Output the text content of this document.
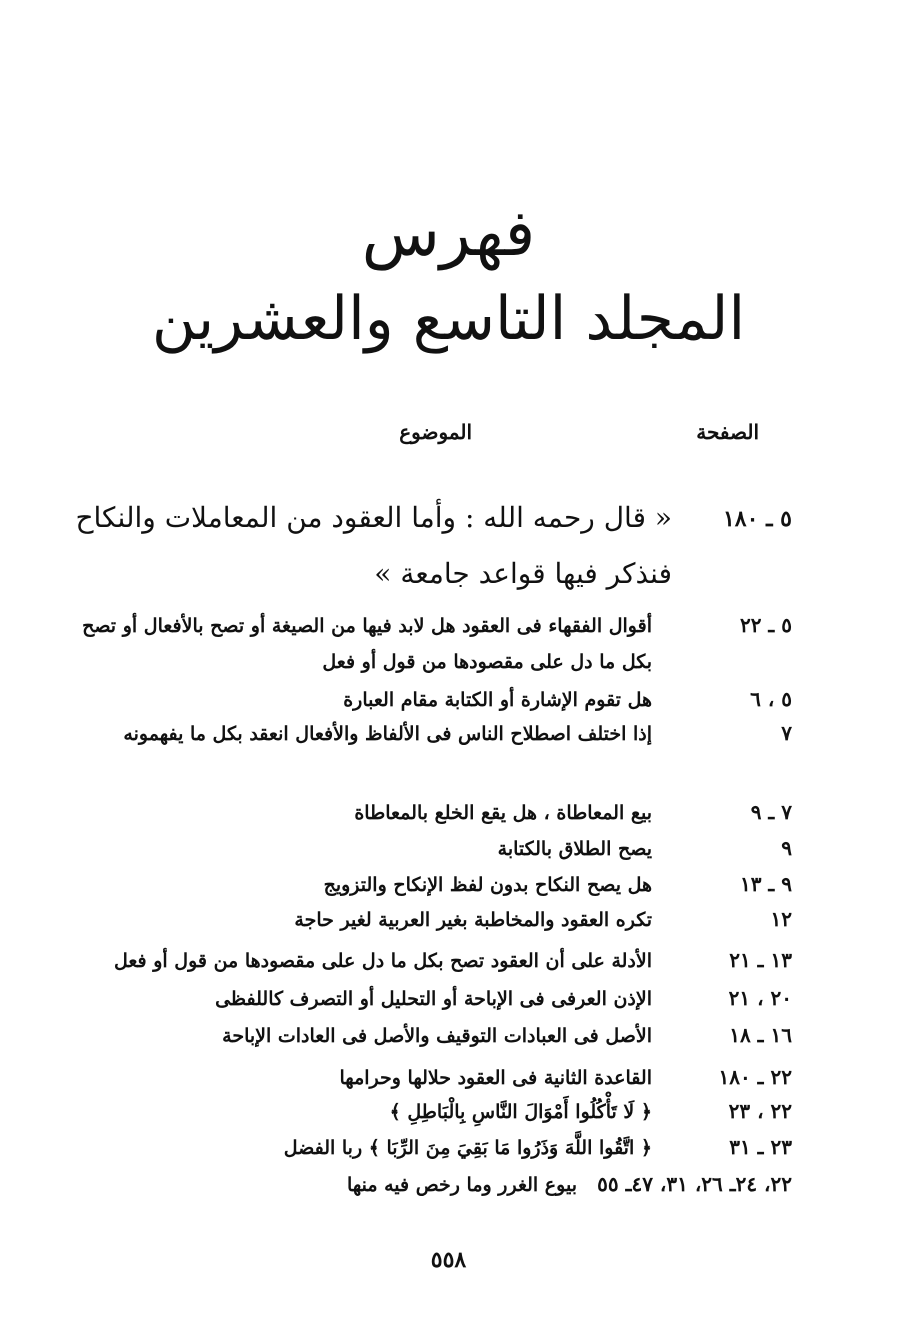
فهرس
المجلد التاسع والعشرين
الصفحة
الموضوع
٥ ـ ١٨٠
« قال رحمه الله : وأما العقود من المعاملات والنكاح فنذكر فيها قواعد جامعة »
٥ ـ ٢٢
أقوال الفقهاء فى العقود هل لابد فيها من الصيغة أو تصح بالأفعال أو تصح بكل ما دل على مقصودها من قول أو فعل
٥ ، ٦
هل تقوم الإشارة أو الكتابة مقام العبارة
٧
إذا اختلف اصطلاح الناس فى الألفاظ والأفعال انعقد بكل ما يفهمونه
٧ ـ ٩
بيع المعاطاة ، هل يقع الخلع بالمعاطاة
٩
يصح الطلاق بالكتابة
٩ ـ ١٣
هل يصح النكاح بدون لفظ الإنكاح والتزويج
١٢
تكره العقود والمخاطبة بغير العربية لغير حاجة
١٣ ـ ٢١
الأدلة على أن العقود تصح بكل ما دل على مقصودها من قول أو فعل
٢٠ ، ٢١
الإذن العرفى فى الإباحة أو التحليل أو التصرف كاللفظى
١٦ ـ ١٨
الأصل فى العبادات التوقيف والأصل فى العادات الإباحة
٢٢ ـ ١٨٠
القاعدة الثانية فى العقود حلالها وحرامها
٢٢ ، ٢٣
﴿ لَا تَأْكُلُوا أَمْوَالَ النَّاسِ بِالْبَاطِلِ ﴾
٢٣ ـ ٣١
﴿ اتَّقُوا اللَّهَ وَذَرُوا مَا بَقِيَ مِنَ الرِّبَا ﴾ ربا الفضل
٢٢، ٢٤ـ ٢٦، ٣١، ٤٧ـ ٥٥
بيوع الغرر وما رخص فيه منها
٥٥٨
